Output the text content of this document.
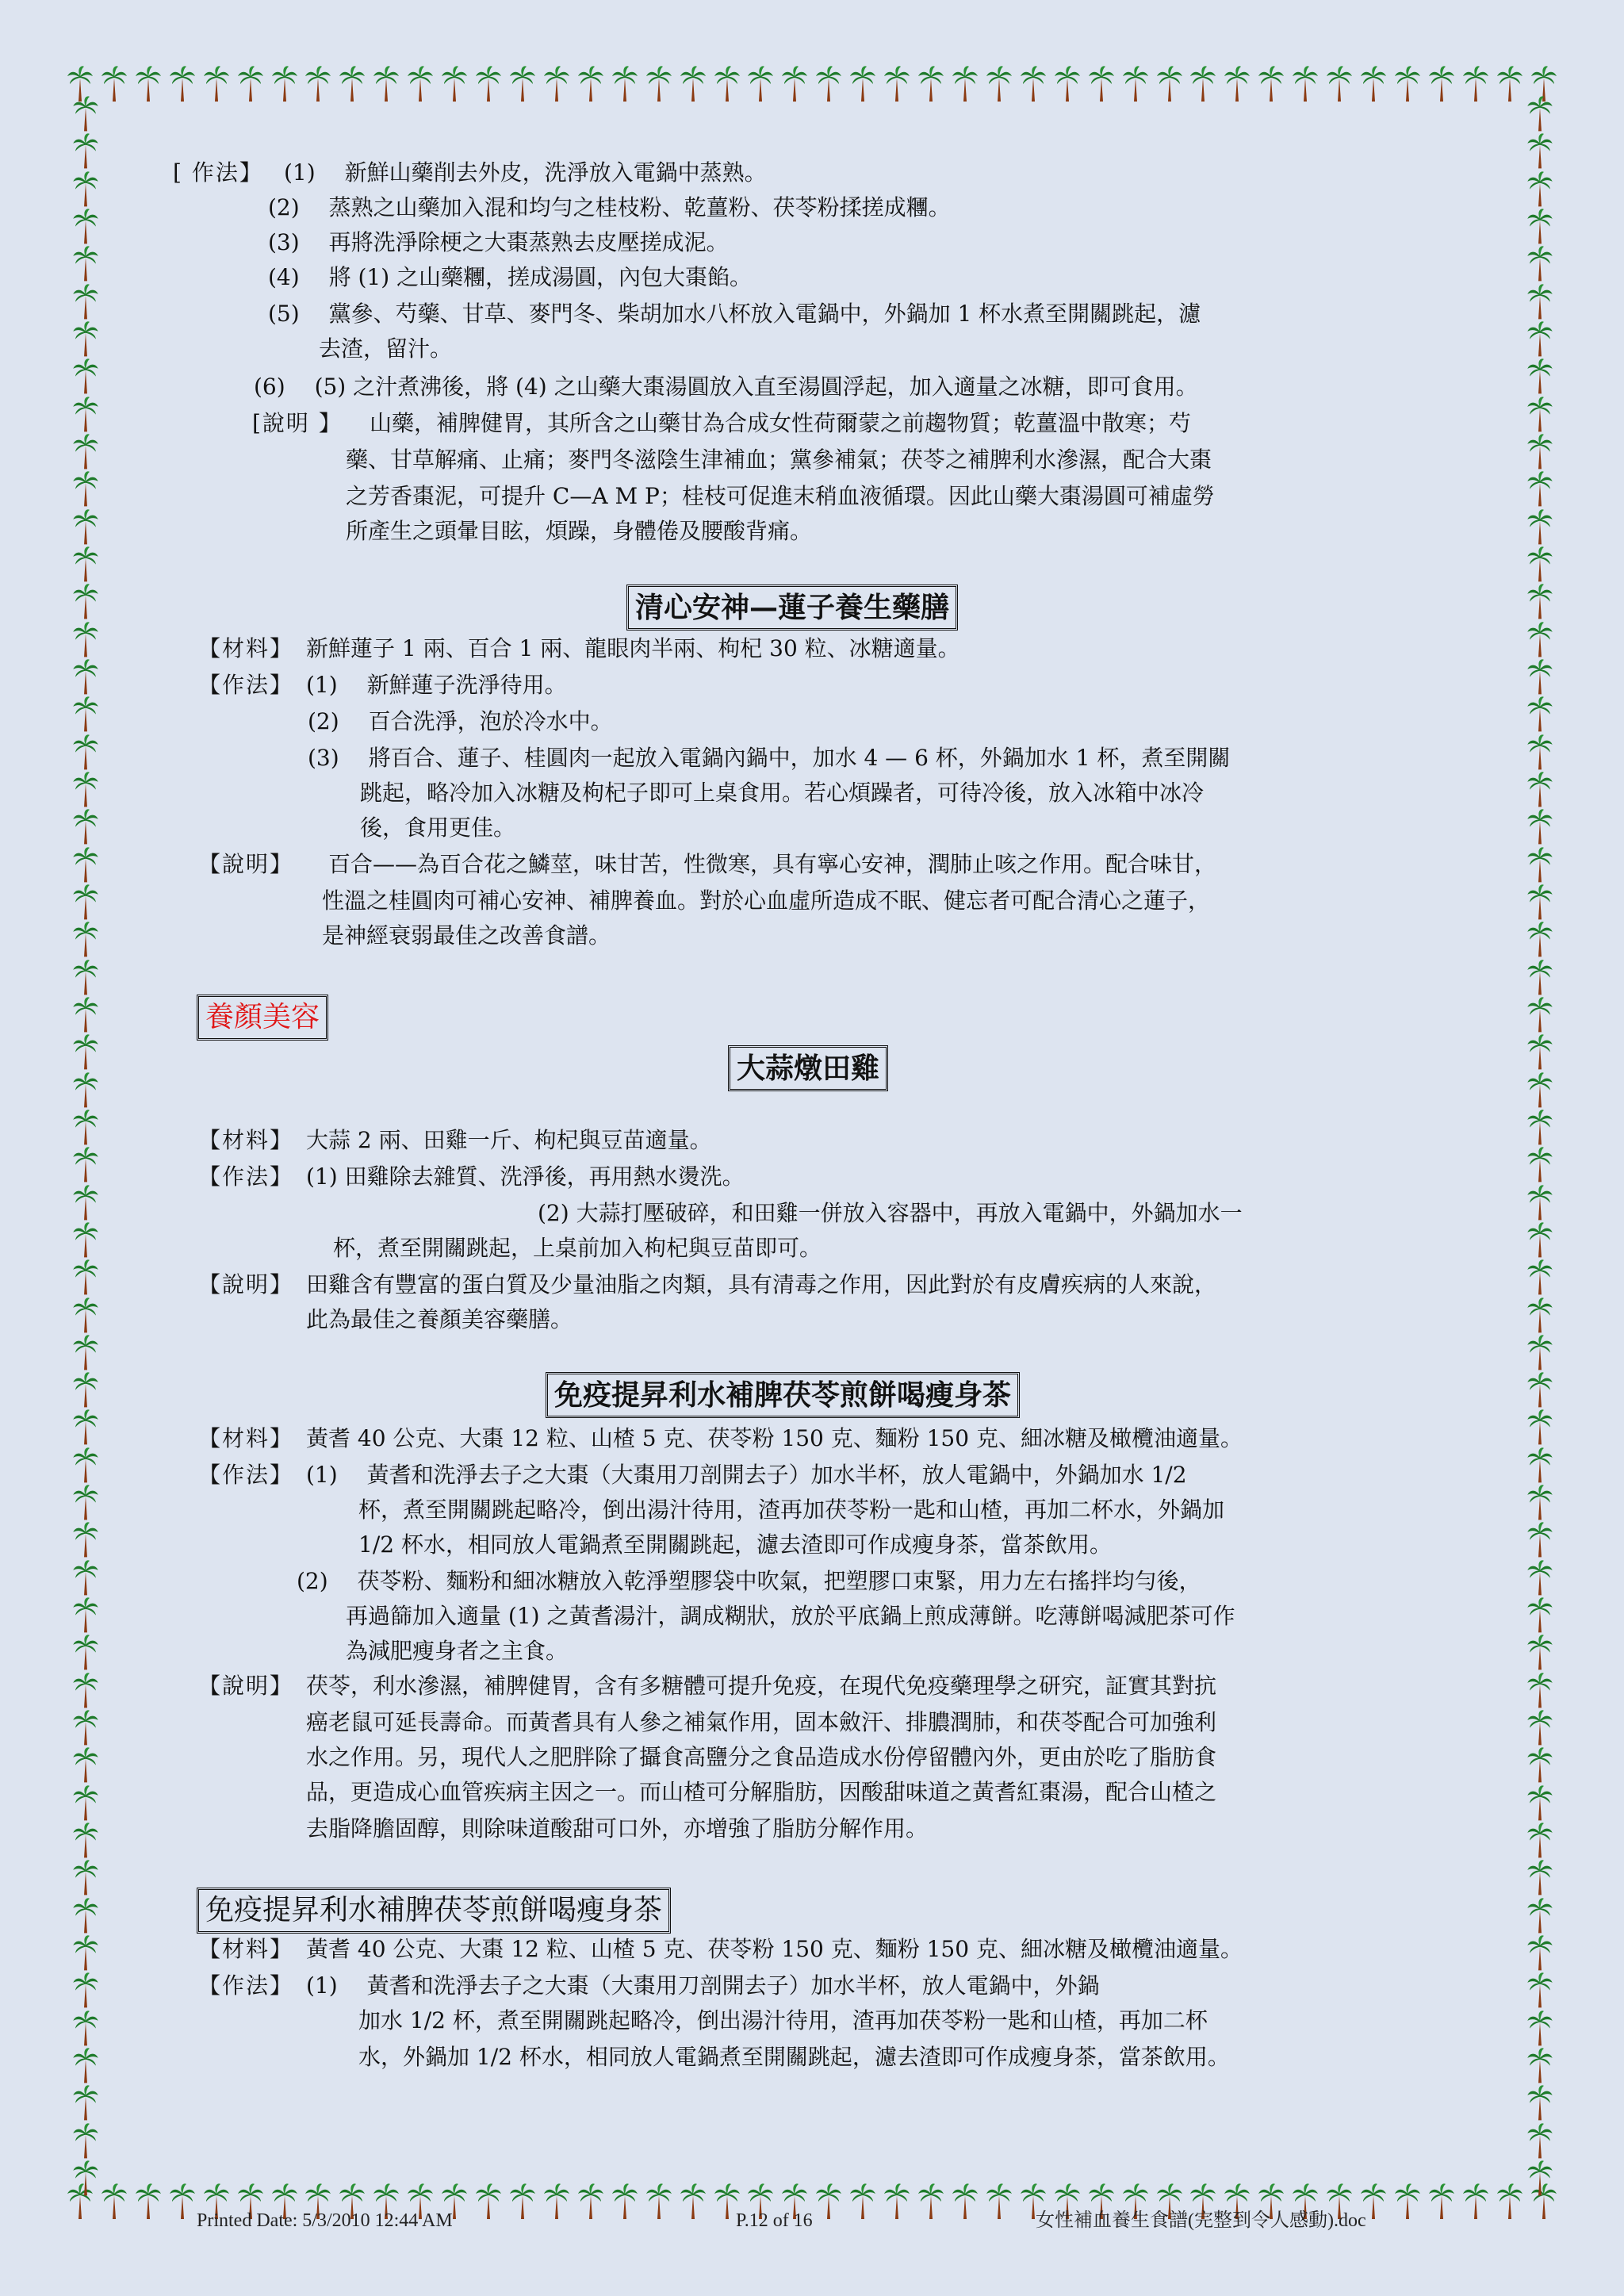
[ 作法】 (1)　 新鮮山藥削去外皮，洗淨放入電鍋中蒸熟。
(2)　 蒸熟之山藥加入混和均勻之桂枝粉、乾薑粉、茯苓粉揉搓成糰。
(3)　 再將洗淨除梗之大棗蒸熟去皮壓搓成泥。
(4)　 將 (1) 之山藥糰，搓成湯圓，內包大棗餡。
(5)　 黨參、芍藥、甘草、麥門冬、柴胡加水八杯放入電鍋中，外鍋加 1 杯水煮至開關跳起，濾
去渣，留汁。
(6)　 (5) 之汁煮沸後，將 (4) 之山藥大棗湯圓放入直至湯圓浮起，加入適量之冰糖，即可食用。
[說明 】 山藥，補脾健胃，其所含之山藥甘為合成女性荷爾蒙之前趨物質；乾薑溫中散寒；芍
藥、甘草解痛、止痛；麥門冬滋陰生津補血；黨參補氣；茯苓之補脾利水滲濕，配合大棗
之芳香棗泥，可提升 C—A M P；桂枝可促進末稍血液循環。因此山藥大棗湯圓可補虛勞
所產生之頭暈目眩，煩躁，身體倦及腰酸背痛。
清心安神—蓮子養生藥膳
【材料】 新鮮蓮子 1 兩、百合 1 兩、龍眼肉半兩、枸杞 30 粒、冰糖適量。
【作法】 (1)　 新鮮蓮子洗淨待用。
(2)　 百合洗淨，泡於冷水中。
(3)　 將百合、蓮子、桂圓肉一起放入電鍋內鍋中，加水 4 — 6 杯，外鍋加水 1 杯，煮至開關
跳起，略冷加入冰糖及枸杞子即可上桌食用。若心煩躁者，可待冷後，放入冰箱中冰冷
後，食用更佳。
【說明】 百合——為百合花之鱗莖，味甘苦，性微寒，具有寧心安神，潤肺止咳之作用。配合味甘，
性溫之桂圓肉可補心安神、補脾養血。對於心血虛所造成不眠、健忘者可配合清心之蓮子，
是神經衰弱最佳之改善食譜。
養顏美容
大蒜燉田雞
【材料】 大蒜 2 兩、田雞一斤、枸杞與豆苗適量。
【作法】 (1) 田雞除去雜質、洗淨後，再用熱水燙洗。
(2) 大蒜打壓破碎，和田雞一併放入容器中，再放入電鍋中，外鍋加水一
杯，煮至開關跳起，上桌前加入枸杞與豆苗即可。
【說明】 田雞含有豐富的蛋白質及少量油脂之肉類，具有清毒之作用，因此對於有皮膚疾病的人來說，
此為最佳之養顏美容藥膳。
免疫提昇利水補脾茯苓煎餅喝瘦身茶
【材料】 黃耆 40 公克、大棗 12 粒、山楂 5 克、茯苓粉 150 克、麵粉 150 克、細冰糖及橄欖油適量。
【作法】 (1)　 黃耆和洗淨去子之大棗（大棗用刀剖開去子）加水半杯，放人電鍋中，外鍋加水 1/2
杯，煮至開關跳起略冷，倒出湯汁待用，渣再加茯苓粉一匙和山楂，再加二杯水，外鍋加
1/2 杯水，相同放人電鍋煮至開關跳起，濾去渣即可作成瘦身茶，當茶飲用。
(2)　 茯苓粉、麵粉和細冰糖放入乾淨塑膠袋中吹氣，把塑膠口束緊，用力左右搖拌均勻後，
再過篩加入適量 (1) 之黃耆湯汁，調成糊狀，放於平底鍋上煎成薄餅。吃薄餅喝減肥茶可作
為減肥瘦身者之主食。
【說明】 茯苓，利水滲濕，補脾健胃，含有多糖體可提升免疫，在現代免疫藥理學之研究，証實其對抗
癌老鼠可延長壽命。而黃耆具有人參之補氣作用，固本斂汗、排膿潤肺，和茯苓配合可加強利
水之作用。另，現代人之肥胖除了攝食高鹽分之食品造成水份停留體內外，更由於吃了脂肪食
品，更造成心血管疾病主因之一。而山楂可分解脂肪，因酸甜味道之黃耆紅棗湯，配合山楂之
去脂降膽固醇，則除味道酸甜可口外，亦增強了脂肪分解作用。
免疫提昇利水補脾茯苓煎餅喝瘦身茶
【材料】 黃耆 40 公克、大棗 12 粒、山楂 5 克、茯苓粉 150 克、麵粉 150 克、細冰糖及橄欖油適量。
【作法】 (1)　 黃耆和洗淨去子之大棗（大棗用刀剖開去子）加水半杯，放人電鍋中，外鍋
加水 1/2 杯，煮至開關跳起略冷，倒出湯汁待用，渣再加茯苓粉一匙和山楂，再加二杯
水，外鍋加 1/2 杯水，相同放人電鍋煮至開關跳起，濾去渣即可作成瘦身茶，當茶飲用。
Printed Date: 5/3/2010 12:44 AM	P.12 of 16	女性補血養生食譜(完整到令人感動).doc
